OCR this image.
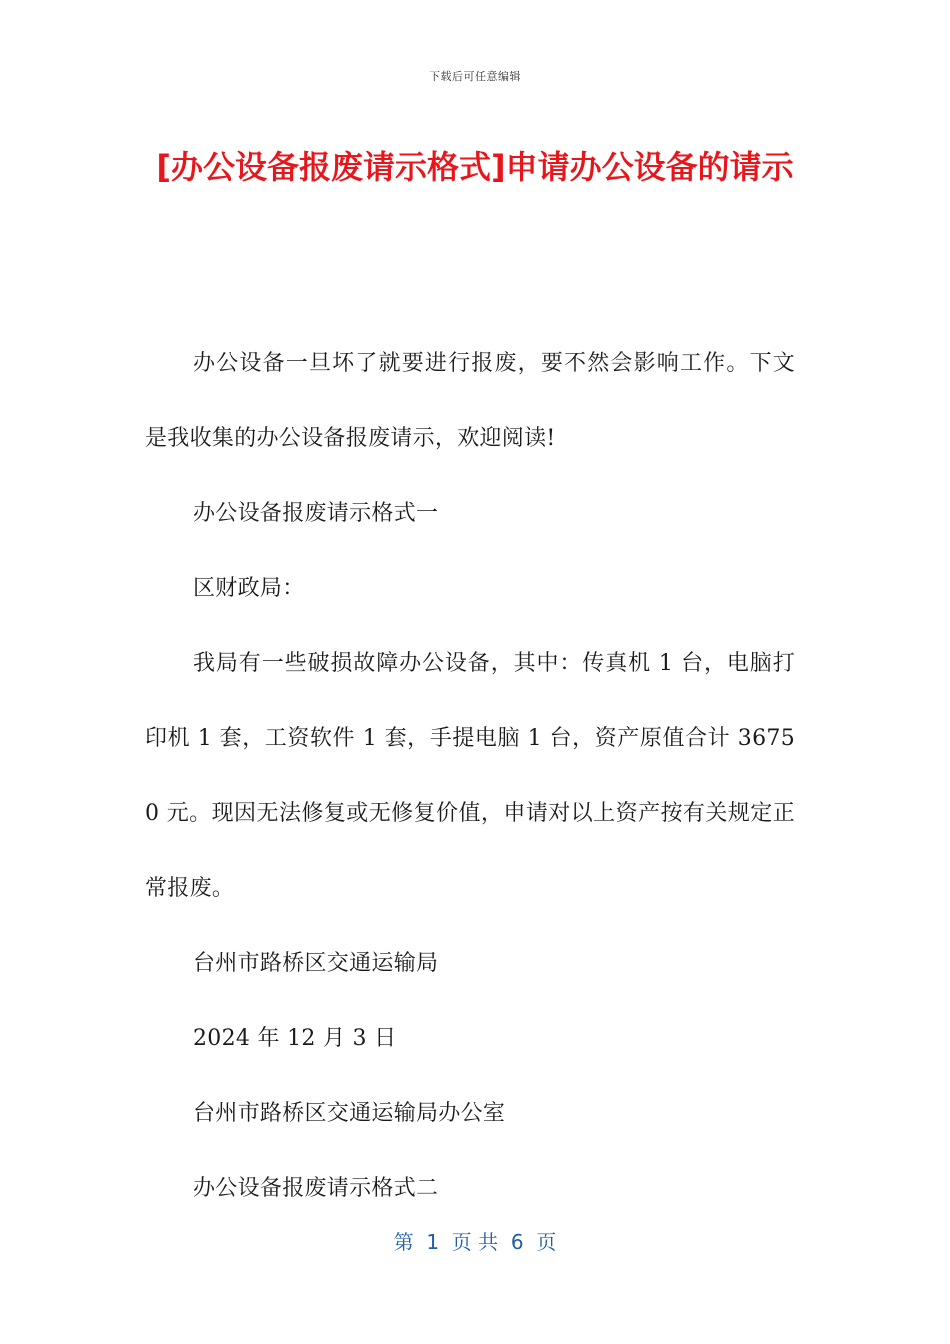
下载后可任意编辑
[办公设备报废请示格式]申请办公设备的请示

办公设备一旦坏了就要进行报废，要不然会影响工作。下文是我收集的办公设备报废请示，欢迎阅读!

办公设备报废请示格式一

区财政局：

我局有一些破损故障办公设备，其中：传真机 1 台，电脑打印机 1 套，工资软件 1 套，手提电脑 1 台，资产原值合计 36750 元。现因无法修复或无修复价值，申请对以上资产按有关规定正常报废。

台州市路桥区交通运输局

2024 年 12 月 3 日

台州市路桥区交通运输局办公室

办公设备报废请示格式二

第  1  页 共  6  页
